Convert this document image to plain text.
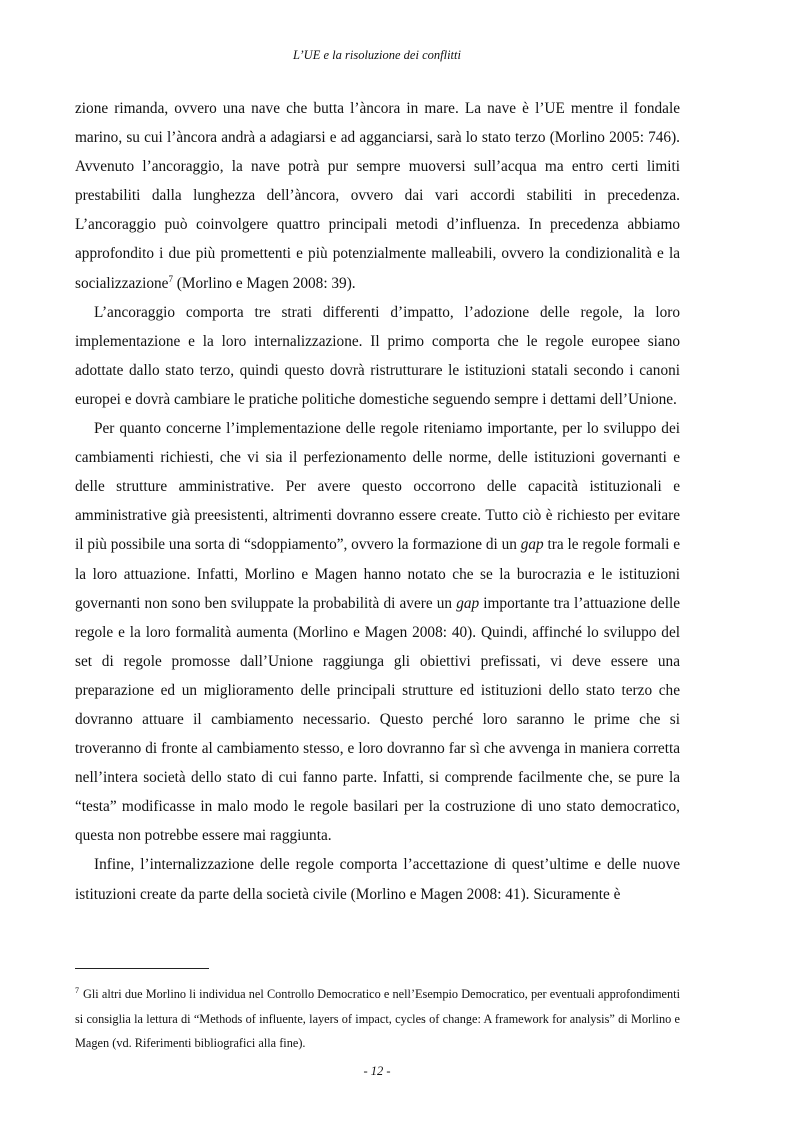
L’UE e la risoluzione dei conflitti

zione rimanda, ovvero una nave che butta l’àncora in mare. La nave è l’UE mentre il fondale marino, su cui l’àncora andrà a adagiarsi e ad agganciarsi, sarà lo stato terzo (Morlino 2005: 746). Avvenuto l’ancoraggio, la nave potrà pur sempre muoversi sull’acqua ma entro certi limiti prestabiliti dalla lunghezza dell’àncora, ovvero dai vari accordi stabiliti in precedenza. L’ancoraggio può coinvolgere quattro principali metodi d’influenza. In precedenza abbiamo approfondito i due più promettenti e più potenzialmente malleabili, ovvero la condizionalità e la socializzazione$^7$ (Morlino e Magen 2008: 39).

L’ancoraggio comporta tre strati differenti d’impatto, l’adozione delle regole, la loro implementazione e la loro internalizzazione. Il primo comporta che le regole europee siano adottate dallo stato terzo, quindi questo dovrà ristrutturare le istituzioni statali secondo i canoni europei e dovrà cambiare le pratiche politiche domestiche seguendo sempre i dettami dell’Unione.

Per quanto concerne l’implementazione delle regole riteniamo importante, per lo sviluppo dei cambiamenti richiesti, che vi sia il perfezionamento delle norme, delle istituzioni governanti e delle strutture amministrative. Per avere questo occorrono delle capacità istituzionali e amministrative già preesistenti, altrimenti dovranno essere create. Tutto ciò è richiesto per evitare il più possibile una sorta di “sdoppiamento”, ovvero la formazione di un gap tra le regole formali e la loro attuazione. Infatti, Morlino e Magen hanno notato che se la burocrazia e le istituzioni governanti non sono ben sviluppate la probabilità di avere un gap importante tra l’attuazione delle regole e la loro formalità aumenta (Morlino e Magen 2008: 40). Quindi, affinché lo sviluppo del set di regole promosse dall’Unione raggiunga gli obiettivi prefissati, vi deve essere una preparazione ed un miglioramento delle principali strutture ed istituzioni dello stato terzo che dovranno attuare il cambiamento necessario. Questo perché loro saranno le prime che si troveranno di fronte al cambiamento stesso, e loro dovranno far sì che avvenga in maniera corretta nell’intera società dello stato di cui fanno parte. Infatti, si comprende facilmente che, se pure la “testa” modificasse in malo modo le regole basilari per la costruzione di uno stato democratico, questa non potrebbe essere mai raggiunta.

Infine, l’internalizzazione delle regole comporta l’accettazione di quest’ultime e delle nuove istituzioni create da parte della società civile (Morlino e Magen 2008: 41). Sicuramente è

$^7$ Gli altri due Morlino li individua nel Controllo Democratico e nell’Esempio Democratico, per eventuali approfondimenti si consiglia la lettura di “Methods of influente, layers of impact, cycles of change: A framework for analysis” di Morlino e Magen (vd. Riferimenti bibliografici alla fine).
- 12 -
